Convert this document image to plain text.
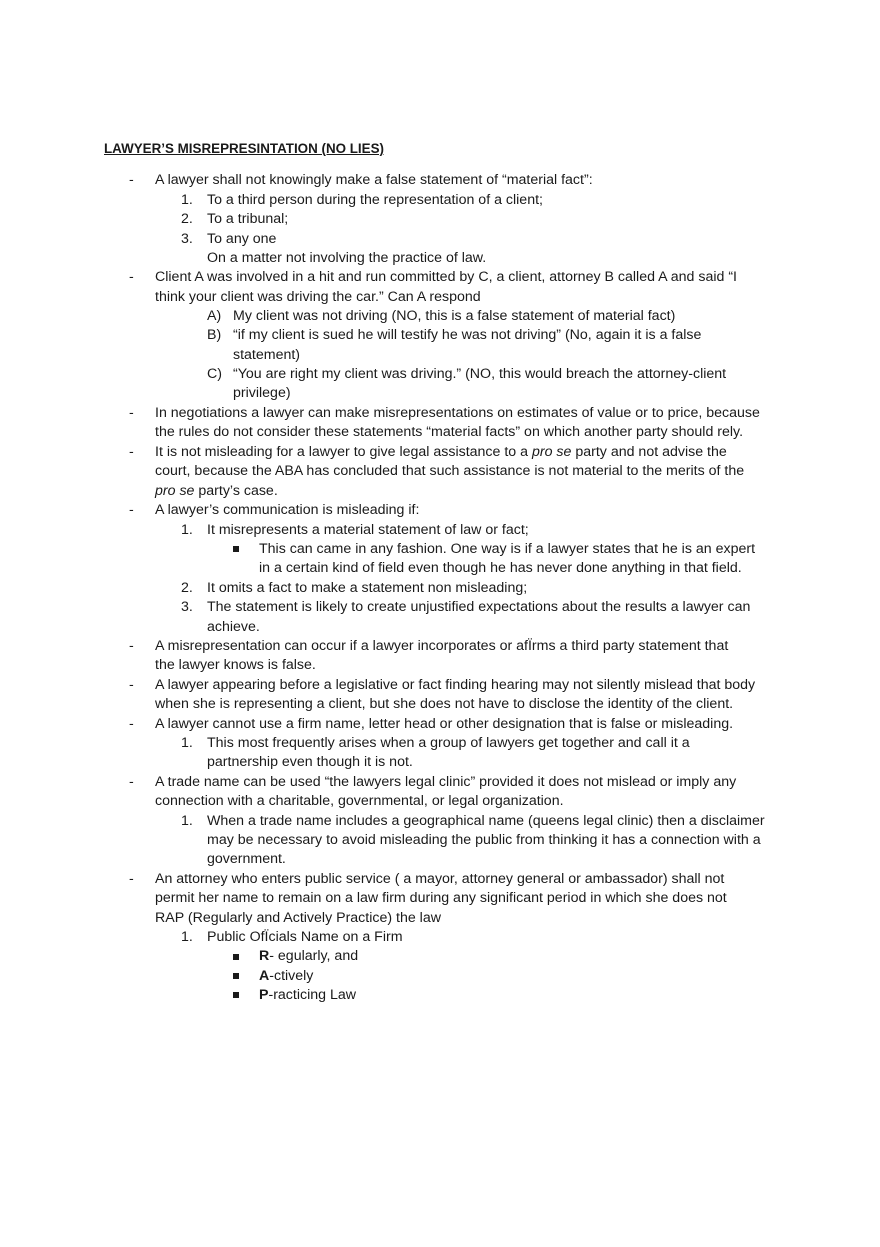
LAWYER’S MISREPRESINTATION (NO LIES)
- A lawyer shall not knowingly make a false statement of “material fact”:
1. To a third person during the representation of a client;
2. To a tribunal;
3. To any one
On a matter not involving the practice of law.
- Client A was involved in a hit and run committed by C, a client, attorney B called A and said “I
think your client was driving the car.” Can A respond
A) My client was not driving (NO, this is a false statement of material fact)
B) “if my client is sued he will testify he was not driving” (No, again it is a false
statement)
C) “You are right my client was driving.” (NO, this would breach the attorney-client
privilege)
- In negotiations a lawyer can make misrepresentations on estimates of value or to price, because
the rules do not consider these statements “material facts” on which another party should rely.
- It is not misleading for a lawyer to give legal assistance to a pro se party and not advise the
court, because the ABA has concluded that such assistance is not material to the merits of the
pro se party’s case.
- A lawyer’s communication is misleading if:
1. It misrepresents a material statement of law or fact;
This can came in any fashion. One way is if a lawyer states that he is an expert
in a certain kind of field even though he has never done anything in that field.
2. It omits a fact to make a statement non misleading;
3. The statement is likely to create unjustified expectations about the results a lawyer can
achieve.
- A misrepresentation can occur if a lawyer incorporates or afÏrms a third party statement that
the lawyer knows is false.
- A lawyer appearing before a legislative or fact finding hearing may not silently mislead that body
when she is representing a client, but she does not have to disclose the identity of the client.
- A lawyer cannot use a firm name, letter head or other designation that is false or misleading.
1. This most frequently arises when a group of lawyers get together and call it a
partnership even though it is not.
- A trade name can be used “the lawyers legal clinic” provided it does not mislead or imply any
connection with a charitable, governmental, or legal organization.
1. When a trade name includes a geographical name (queens legal clinic) then a disclaimer
may be necessary to avoid misleading the public from thinking it has a connection with a
government.
- An attorney who enters public service ( a mayor, attorney general or ambassador) shall not
permit her name to remain on a law firm during any significant period in which she does not
RAP (Regularly and Actively Practice) the law
1. Public OfÏcials Name on a Firm
R- egularly, and
A-ctively
P-racticing Law
